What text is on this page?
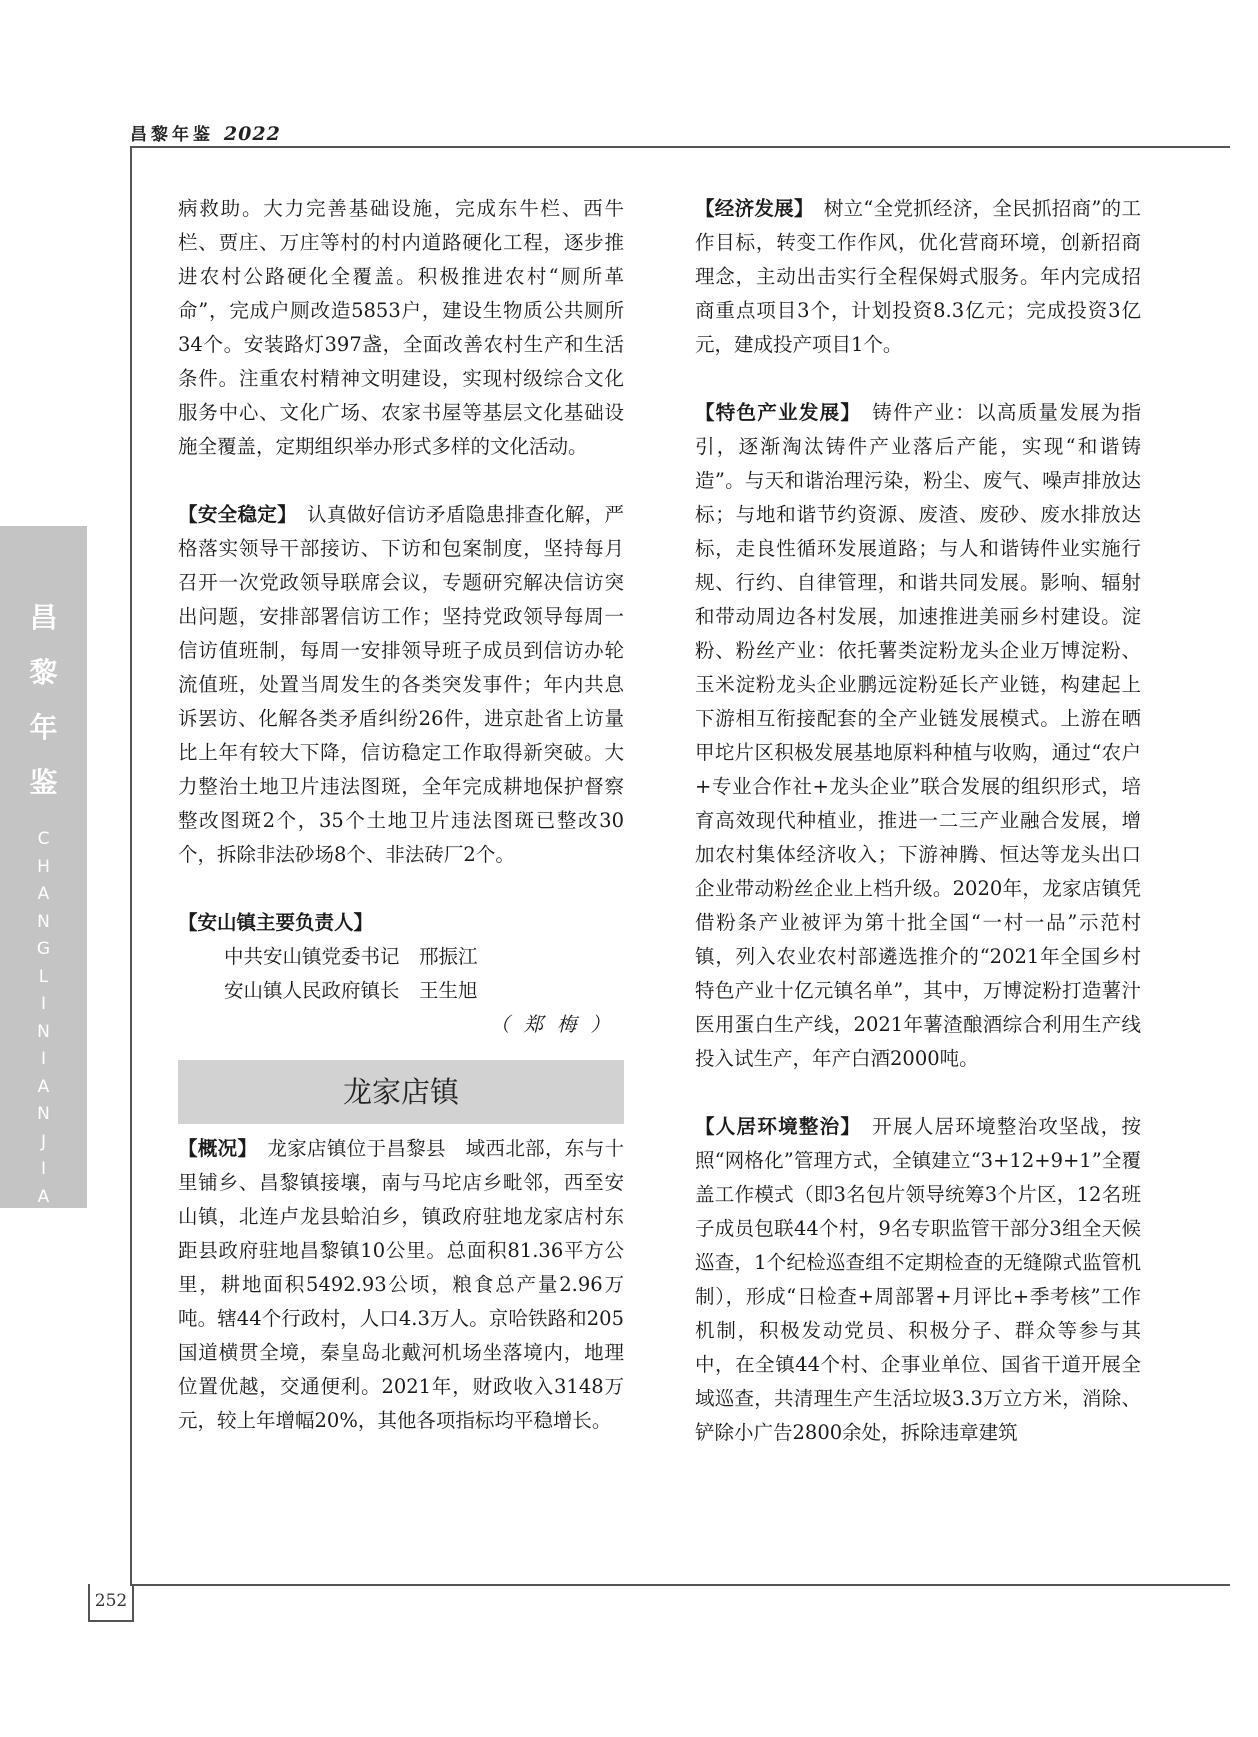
昌黎年鉴 2022
昌
黎
年
鉴
C
H
A
N
G
L
I
N
I
A
N
J
I
A
N

病救助。大力完善基础设施，完成东牛栏、西牛栏、贾庄、万庄等村的村内道路硬化工程，逐步推进农村公路硬化全覆盖。积极推进农村“厕所革命”，完成户厕改造5853户，建设生物质公共厕所34个。安装路灯397盏，全面改善农村生产和生活条件。注重农村精神文明建设，实现村级综合文化服务中心、文化广场、农家书屋等基层文化基础设施全覆盖，定期组织举办形式多样的文化活动。

【安全稳定】　 认真做好信访矛盾隐患排查化解，严格落实领导干部接访、下访和包案制度，坚持每月召开一次党政领导联席会议，专题研究解决信访突出问题，安排部署信访工作；坚持党政领导每周一信访值班制，每周一安排领导班子成员到信访办轮流值班，处置当周发生的各类突发事件；年内共息诉罢访、化解各类矛盾纠纷26件，进京赴省上访量比上年有较大下降，信访稳定工作取得新突破。大力整治土地卫片违法图斑，全年完成耕地保护督察整改图斑2个，35个土地卫片违法图斑已整改30个，拆除非法砂场8个、非法砖厂2个。

【安山镇主要负责人】

中共安山镇党委书记　邢振江

安山镇人民政府镇长　王生旭

（郑梅）
龙家店镇

【概况】　 龙家店镇位于昌黎县　域西北部，东与十里铺乡、昌黎镇接壤，南与马坨店乡毗邻，西至安山镇，北连卢龙县蛤泊乡，镇政府驻地龙家店村东距县政府驻地昌黎镇10公里。总面积81.36平方公里，耕地面积5492.93公顷，粮食总产量2.96万吨。辖44个行政村，人口4.3万人。京哈铁路和205国道横贯全境，秦皇岛北戴河机场坐落境内，地理位置优越，交通便利。2021年，财政收入3148万元，较上年增幅20%，其他各项指标均平稳增长。

【经济发展】　 树立“全党抓经济，全民抓招商”的工作目标，转变工作作风，优化营商环境，创新招商理念，主动出击实行全程保姆式服务。年内完成招商重点项目3个，计划投资8.3亿元；完成投资3亿元，建成投产项目1个。

【特色产业发展】　 铸件产业：以高质量发展为指引，逐渐淘汰铸件产业落后产能，实现“和谐铸造”。与天和谐治理污染，粉尘、废气、噪声排放达标；与地和谐节约资源、废渣、废砂、废水排放达标，走良性循环发展道路；与人和谐铸件业实施行规、行约、自律管理，和谐共同发展。影响、辐射和带动周边各村发展，加速推进美丽乡村建设。淀粉、粉丝产业：依托薯类淀粉龙头企业万博淀粉、玉米淀粉龙头企业鹏远淀粉延长产业链，构建起上下游相互衔接配套的全产业链发展模式。上游在晒甲坨片区积极发展基地原料种植与收购，通过“农户+专业合作社+龙头企业”联合发展的组织形式，培育高效现代种植业，推进一二三产业融合发展，增加农村集体经济收入；下游神腾、恒达等龙头出口企业带动粉丝企业上档升级。2020年，龙家店镇凭借粉条产业被评为第十批全国“一村一品”示范村镇，列入农业农村部遴选推介的“2021年全国乡村特色产业十亿元镇名单”，其中，万博淀粉打造薯汁医用蛋白生产线，2021年薯渣酿酒综合利用生产线投入试生产，年产白酒2000吨。

【人居环境整治】　 开展人居环境整治攻坚战，按照“网格化”管理方式，全镇建立“3+12+9+1”全覆盖工作模式（即3名包片领导统筹3个片区，12名班子成员包联44个村，9名专职监管干部分3组全天候巡查，1个纪检巡查组不定期检查的无缝隙式监管机制），形成“日检查+周部署+月评比+季考核”工作机制，积极发动党员、积极分子、群众等参与其中，在全镇44个村、企事业单位、国省干道开展全域巡查，共清理生产生活垃圾3.3万立方米，消除、铲除小广告2800余处，拆除违章建筑

252
